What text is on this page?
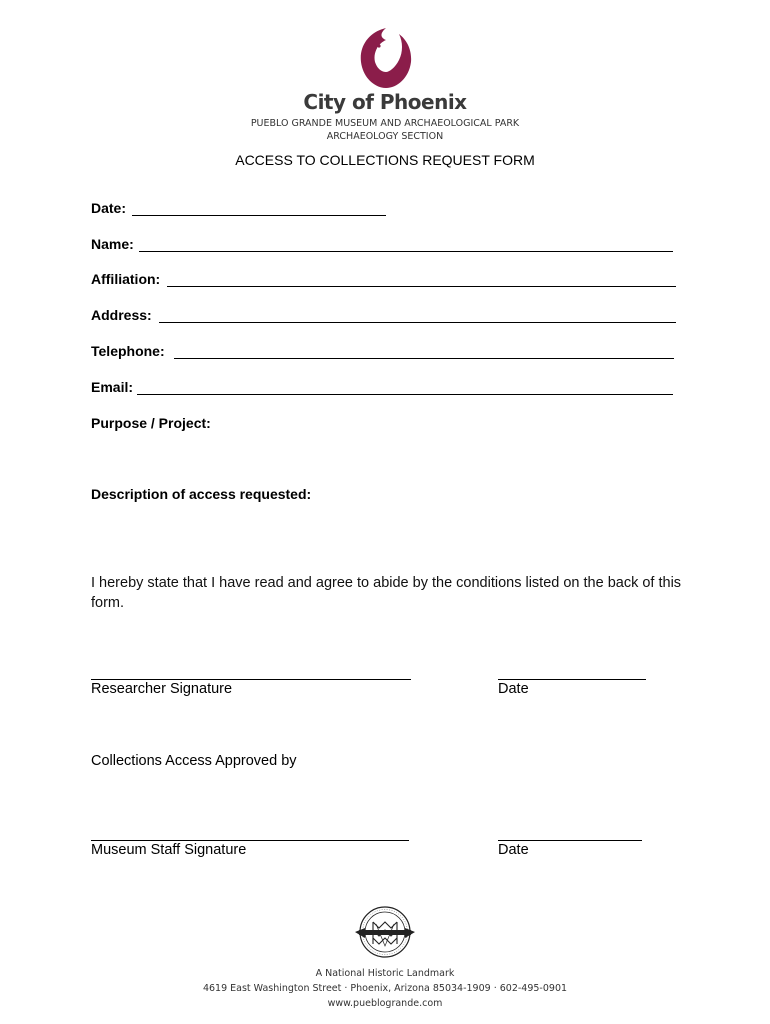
City of Phoenix
PUEBLO GRANDE MUSEUM AND ARCHAEOLOGICAL PARK
ARCHAEOLOGY SECTION
ACCESS TO COLLECTIONS REQUEST FORM
Date:
Name:
Affiliation:
Address:
Telephone:
Email:
Purpose / Project:
Description of access requested:
I hereby state that I have read and agree to abide by the conditions listed on the back of this form.
Researcher Signature	Date
Collections Access Approved by
Museum Staff Signature	Date
A National Historic Landmark
4619 East Washington Street · Phoenix, Arizona 85034-1909 · 602-495-0901
www.pueblogrande.com
